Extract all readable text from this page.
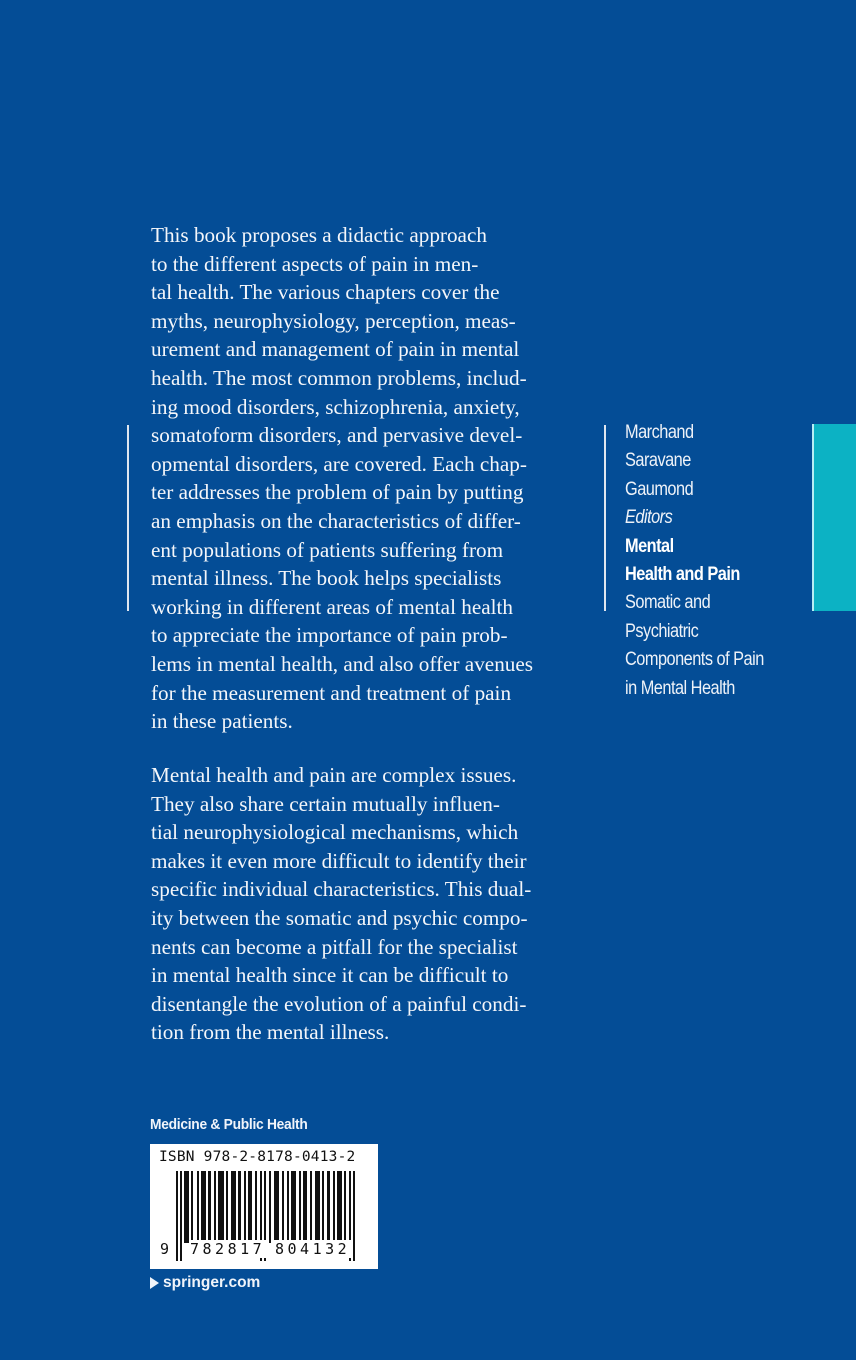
This book proposes a didactic approach
to the different aspects of pain in men-
tal health. The various chapters cover the
myths, neurophysiology, perception, meas-
urement and management of pain in mental
health. The most common problems, includ-
ing mood disorders, schizophrenia, anxiety,
somatoform disorders, and pervasive devel-
opmental disorders, are covered. Each chap-
ter addresses the problem of pain by putting
an emphasis on the characteristics of differ-
ent populations of patients suffering from
mental illness. The book helps specialists
working in different areas of mental health
to appreciate the importance of pain prob-
lems in mental health, and also offer avenues
for the measurement and treatment of pain
in these patients.
Mental health and pain are complex issues.
They also share certain mutually influen-
tial neurophysiological mechanisms, which
makes it even more difficult to identify their
specific individual characteristics. This dual-
ity between the somatic and psychic compo-
nents can become a pitfall for the specialist
in mental health since it can be difficult to
disentangle the evolution of a painful condi-
tion from the mental illness.
Marchand
Saravane
Gaumond
Editors
Mental
Health and Pain
Somatic and
Psychiatric
Components of Pain
in Mental Health
Medicine & Public Health
ISBN 978-2-8178-0413-2
9 782817 804132
springer.com
